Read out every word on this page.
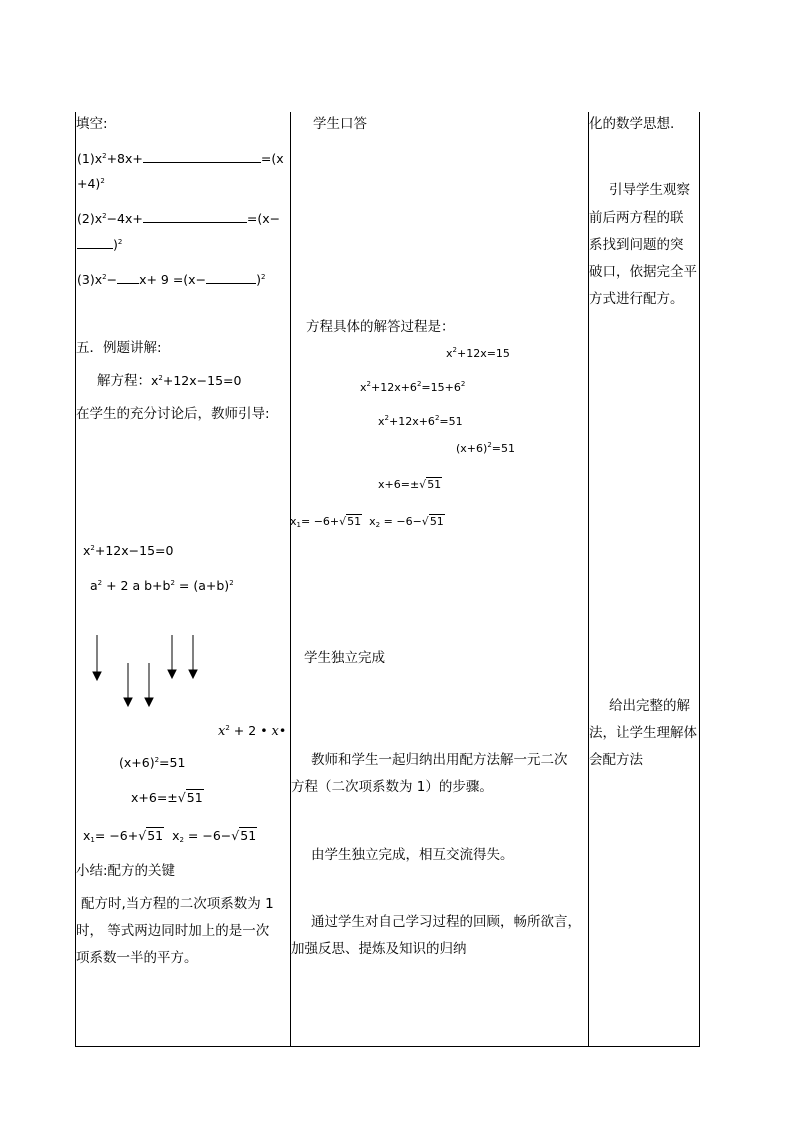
填空:
$(1)x^2+8x+$	=(x
+4)$^2$
$(2)x^2-4x+$	=(x−
)$^2$
$(3)x^2- x+ 9 =(x-$	)$^2$
五．例题讲解:
解方程：$x^2+12x-15=0$
在学生的充分讨论后，教师引导:
$x^2+12x-15=0$
$a^2 + 2$ a $b+b^2 = (a+b)^2$
$x^2 + 2$ • x•
$(x+6)^2=51$
x+6=±√51
$x_1= -6+√51$ $x_2 = -6-√51$
小结:配方的关键
配方时,当方程的二次项系数为 1
时， 等式两边同时加上的是一次
项系数一半的平方。
学生口答
方程具体的解答过程是：
$x^2+12x=15$
$x^2+12x+6^2=15+6^2$
$x^2+12x+6^2=51$
$(x+6)^2=51$
x+6=±√51
$x_1= -6+√51$ $x_2 = -6-√51$
学生独立完成
教师和学生一起归纳出用配方法解一元二次
方程（二次项系数为 1）的步骤。
由学生独立完成，相互交流得失。
通过学生对自己学习过程的回顾，畅所欲言，
加强反思、提炼及知识的归纳
化的数学思想.
引导学生观察
前后两方程的联
系找到问题的突
破口，依据完全平
方式进行配方。
给出完整的解
法，让学生理解体
会配方法
